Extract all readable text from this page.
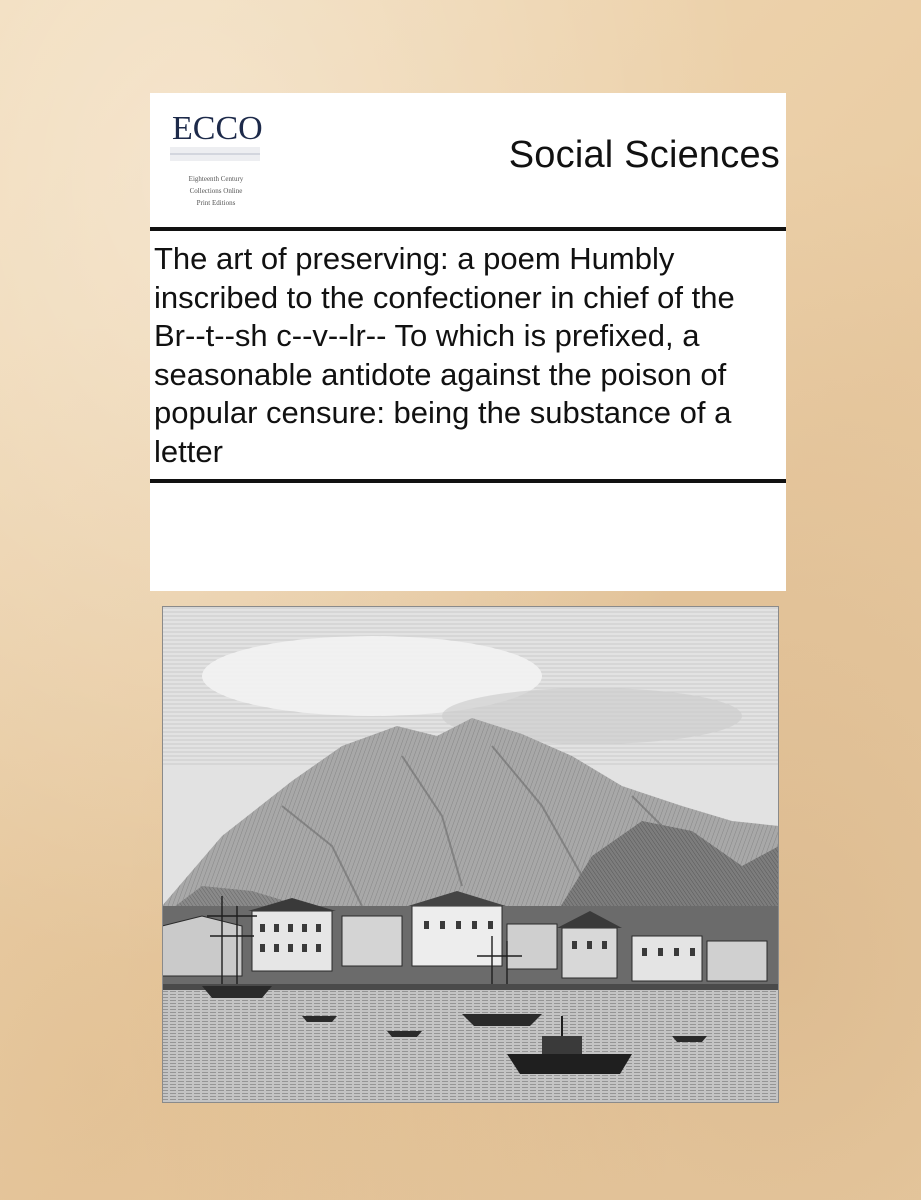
ECCO
Eighteenth Century
Collections Online
Print Editions
Social Sciences
The art of preserving: a poem Humbly inscribed to the confectioner in chief of the Br--t--sh c--v--lr-- To which is prefixed, a seasonable antidote against the poison of popular censure: being the substance of a letter
